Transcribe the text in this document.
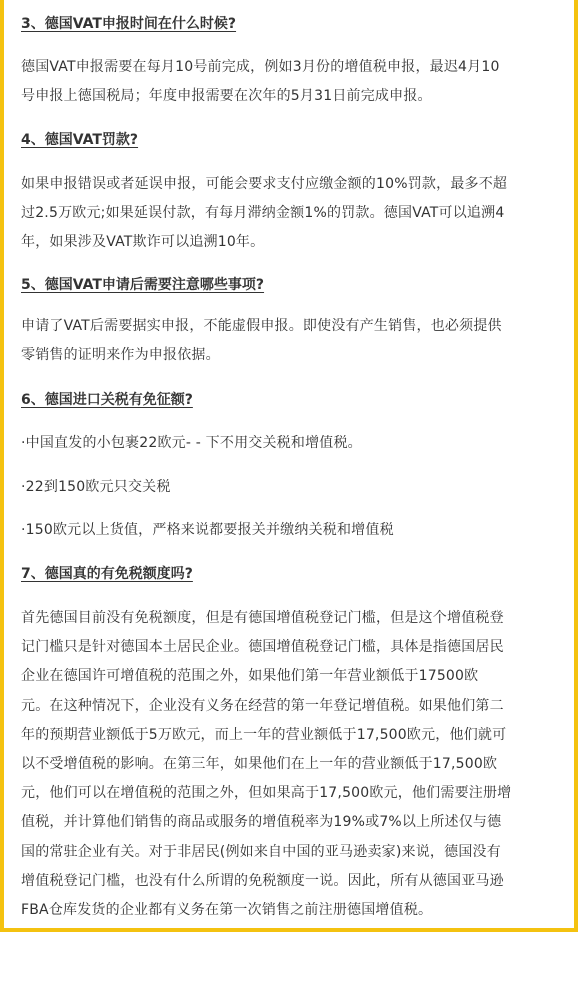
3、德国VAT申报时间在什么时候?
德国VAT申报需要在每月10号前完成，例如3月份的增值税申报，最迟4月10
号申报上德国税局；年度申报需要在次年的5月31日前完成申报。
4、德国VAT罚款?
如果申报错误或者延误申报，可能会要求支付应缴金额的10%罚款，最多不超
过2.5万欧元;如果延误付款，有每月滞纳金额1%的罚款。德国VAT可以追溯4
年，如果涉及VAT欺诈可以追溯10年。
5、德国VAT申请后需要注意哪些事项?
申请了VAT后需要据实申报，不能虚假申报。即使没有产生销售，也必须提供
零销售的证明来作为申报依据。
6、德国进口关税有免征额?

·中国直发的小包裹22欧元- - 下不用交关税和增值税。

·22到150欧元只交关税

·150欧元以上货值，严格来说都要报关并缴纳关税和增值税

7、德国真的有免税额度吗?
首先德国目前没有免税额度，但是有德国增值税登记门槛，但是这个增值税登
记门槛只是针对德国本土居民企业。德国增值税登记门槛，具体是指德国居民
企业在德国许可增值税的范围之外，如果他们第一年营业额低于17500欧
元。在这种情况下，企业没有义务在经营的第一年登记增值税。如果他们第二
年的预期营业额低于5万欧元，而上一年的营业额低于17,500欧元，他们就可
以不受增值税的影响。在第三年，如果他们在上一年的营业额低于17,500欧
元，他们可以在增值税的范围之外，但如果高于17,500欧元，他们需要注册增
值税，并计算他们销售的商品或服务的增值税率为19%或7%以上所述仅与德
国的常驻企业有关。对于非居民(例如来自中国的亚马逊卖家)来说，德国没有
增值税登记门槛，也没有什么所谓的免税额度一说。因此，所有从德国亚马逊
FBA仓库发货的企业都有义务在第一次销售之前注册德国增值税。
